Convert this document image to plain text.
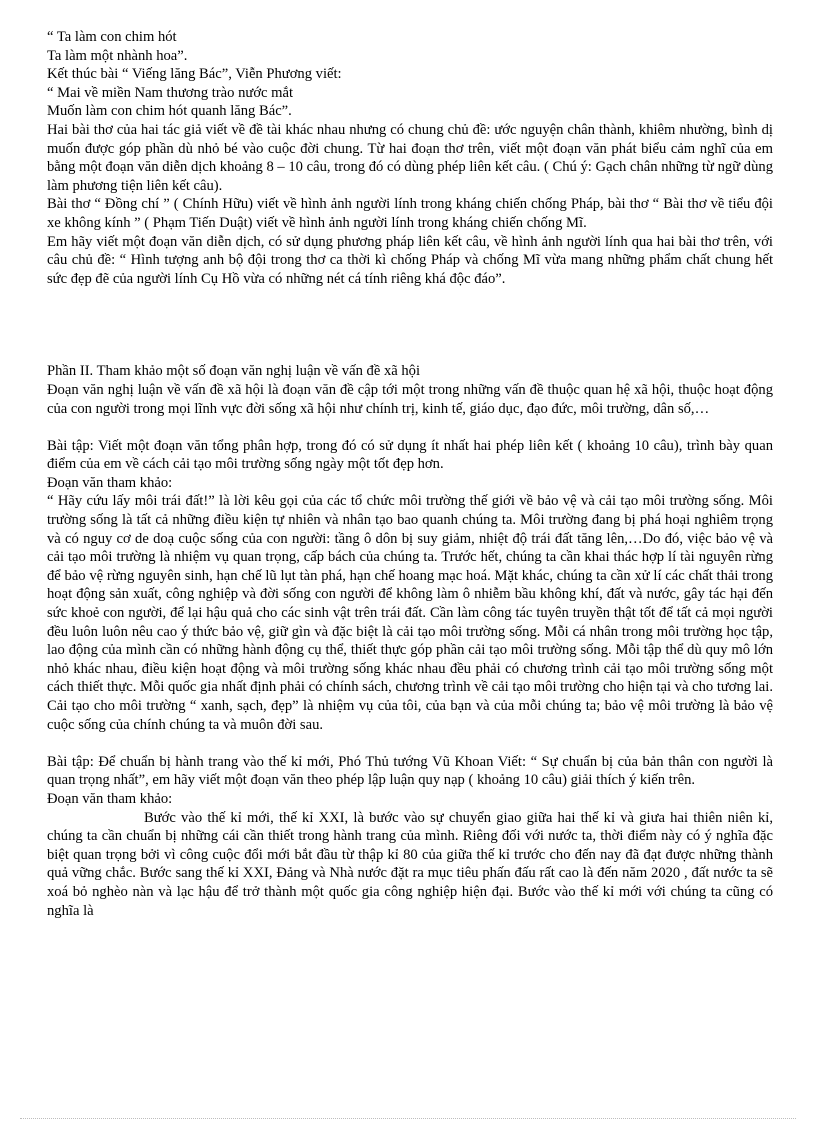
“ Ta làm con chim hót
Ta làm một nhành hoa”.
Kết thúc bài “ Viếng lăng Bác”, Viễn Phương viết:
“ Mai về miền Nam thương trào nước mắt
Muốn làm con chim hót quanh lăng Bác”.

Hai bài thơ của hai tác giả viết về đề tài khác nhau nhưng có chung chủ đề: ước nguyện chân thành, khiêm nhường, bình dị muốn được góp phần dù nhỏ bé vào cuộc đời chung. Từ hai đoạn thơ trên, viết một đoạn văn phát biểu cảm nghĩ của em bằng một đoạn văn diễn dịch khoảng 8 – 10 câu, trong đó có dùng phép liên kết câu. ( Chú ý: Gạch chân những từ ngữ dùng làm phương tiện liên kết câu).

Bài thơ “ Đồng chí ” ( Chính Hữu) viết về hình ảnh người lính trong kháng chiến chống Pháp, bài thơ “ Bài thơ về tiểu đội xe không kính ” ( Phạm Tiến Duật) viết về hình ảnh người lính trong kháng chiến chống Mĩ.

Em hãy viết một đoạn văn diễn dịch, có sử dụng phương pháp liên kết câu, về hình ảnh người lính qua hai bài thơ trên, với câu chủ đề: “ Hình tượng anh bộ đội trong thơ ca thời kì chống Pháp và chống Mĩ vừa mang những phẩm chất chung hết sức đẹp đẽ của người lính Cụ Hồ vừa có những nét cá tính riêng khá độc đáo”.

Phần II. Tham khảo một số đoạn văn nghị luận về vấn đề xã hội

Đoạn văn nghị luận về vấn đề xã hội là đoạn văn đề cập tới một trong những vấn đề thuộc quan hệ xã hội, thuộc hoạt động của con người trong mọi lĩnh vực đời sống xã hội như chính trị, kinh tế, giáo dục, đạo đức, môi trường, dân số,…

Bài tập: Viết một đoạn văn tổng phân hợp, trong đó có sử dụng ít nhất hai phép liên kết ( khoảng 10 câu), trình bày quan điểm của em về cách cải tạo môi trường sống ngày một tốt đẹp hơn.

Đoạn văn tham khảo:

“ Hãy cứu lấy môi trái đất!” là lời kêu gọi của các tổ chức môi trường thế giới về bảo vệ và cải tạo môi trường sống. Môi trường sống là tất cả những điều kiện tự nhiên và nhân tạo bao quanh chúng ta. Môi trường đang bị phá hoại nghiêm trọng và có nguy cơ de doạ cuộc sống của con người: tầng ô dôn bị suy giảm, nhiệt độ trái đất tăng lên,…Do đó, việc bảo vệ và cải tạo môi trường là nhiệm vụ quan trọng, cấp bách của chúng ta. Trước hết, chúng ta cần khai thác hợp lí tài nguyên rừng để bảo vệ rừng nguyên sinh, hạn chế lũ lụt tàn phá, hạn chế hoang mạc hoá. Mặt khác, chúng ta cần xử lí các chất thải trong hoạt động sản xuất, công nghiệp và đời sống con người để không làm ô nhiễm bầu không khí, đất và nước, gây tác hại đến sức khoẻ con người, để lại hậu quả cho các sinh vật trên trái đất. Cần làm công tác tuyên truyền thật tốt để tất cả mọi người đều luôn luôn nêu cao ý thức bảo vệ, giữ gìn và đặc biệt là cải tạo môi trường sống. Mỗi cá nhân trong môi trường học tập, lao động của mình cần có những hành động cụ thể, thiết thực góp phần cải tạo môi trường sống. Mỗi tập thể dù quy mô lớn nhỏ khác nhau, điều kiện hoạt động và môi trường sống khác nhau đều phải có chương trình cải tạo môi trường sống một cách thiết thực. Mỗi quốc gia nhất định phải có chính sách, chương trình về cải tạo môi trường cho hiện tại và cho tương lai. Cải tạo cho môi trường “ xanh, sạch, đẹp” là nhiệm vụ của tôi, của bạn và của mỗi chúng ta; bảo vệ môi trường là bảo vệ cuộc sống của chính chúng ta và muôn đời sau.

Bài tập: Để chuẩn bị hành trang vào thế kỉ mới, Phó Thủ tướng Vũ Khoan Viết: “ Sự chuẩn bị của bản thân con người là quan trọng nhất”, em hãy viết một đoạn văn theo phép lập luận quy nạp ( khoảng 10 câu) giải thích ý kiến trên.

Đoạn văn tham khảo:

Bước vào thế kỉ mới, thế kỉ XXI, là bước vào sự chuyển giao giữa hai thế kỉ và giưa hai thiên niên kỉ, chúng ta cần chuẩn bị những cái cần thiết trong hành trang của mình. Riêng đối với nước ta, thời điểm này có ý nghĩa đặc biệt quan trọng bởi vì công cuộc đổi mới bắt đầu từ thập kỉ 80 của giữa thế kỉ trước cho đến nay đã đạt được những thành quả vững chắc. Bước sang thế kỉ XXI, Đảng và Nhà nước đặt ra mục tiêu phấn đấu rất cao là đến năm 2020 , đất nước ta sẽ xoá bỏ nghèo nàn và lạc hậu để trở thành một quốc gia công nghiệp hiện đại. Bước vào thế kỉ mới với chúng ta cũng có nghĩa là
